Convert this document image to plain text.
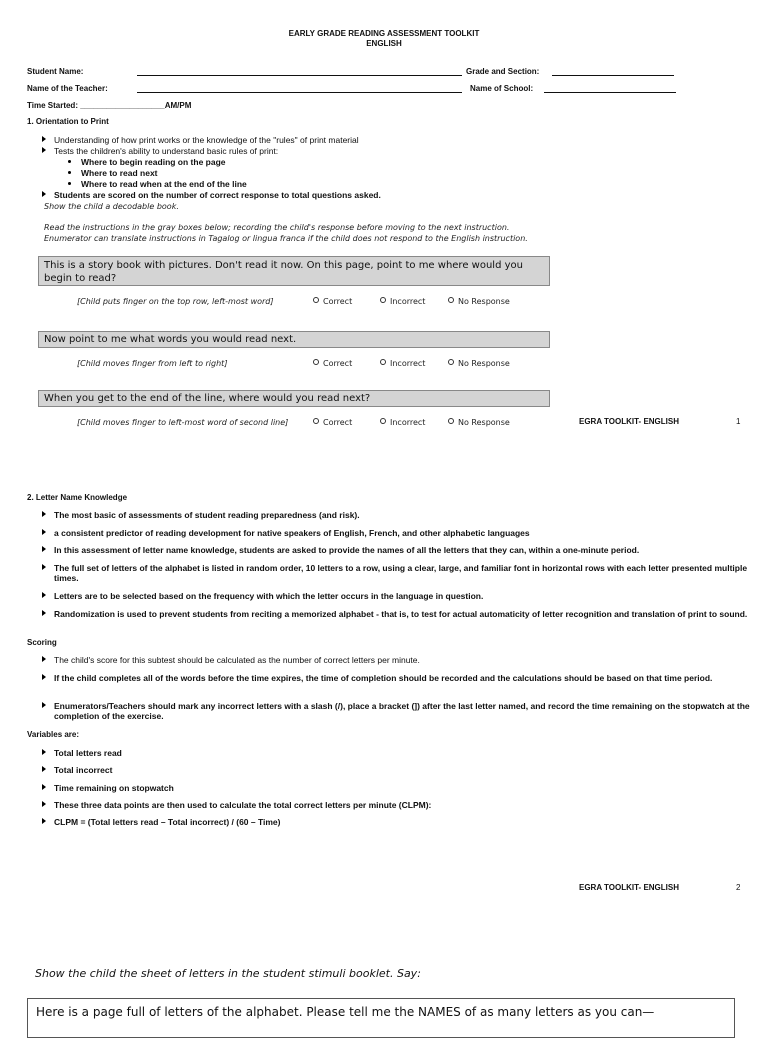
EARLY GRADE READING ASSESSMENT TOOLKIT
ENGLISH
Student Name:	Grade and Section:
Name of the Teacher:	Name of School:
Time Started: ___________________AM/PM
1. Orientation to Print
Understanding of how print works or the knowledge of the "rules" of print material
Tests the children's ability to understand basic rules of print:
Where to begin reading on the page
Where to read next
Where to read when at the end of the line
Students are scored on the number of correct response to total questions asked.
Show the child a decodable book.
Read the instructions in the gray boxes below; recording the child's response before moving to the next instruction.
Enumerator can translate instructions in Tagalog or lingua franca if the child does not respond to the English instruction.
This is a story book with pictures. Don't read it now. On this page, point to me where would you begin to read?
[Child puts finger on the top row, left-most word]	Correct	Incorrect	No Response
Now point to me what words you would read next.
[Child moves finger from left to right]	Correct	Incorrect	No Response
When you get to the end of the line, where would you read next?
[Child moves finger to left-most word of second line]	Correct	Incorrect	No Response	EGRA TOOLKIT- ENGLISH	1
2. Letter Name Knowledge
The most basic of assessments of student reading preparedness (and risk).
a consistent predictor of reading development for native speakers of English, French, and other alphabetic languages
In this assessment of letter name knowledge, students are asked to provide the names of all the letters that they can, within a one-minute period.
The full set of letters of the alphabet is listed in random order, 10 letters to a row, using a clear, large, and familiar font in horizontal rows with each letter presented multiple times.
Letters are to be selected based on the frequency with which the letter occurs in the language in question.
Randomization is used to prevent students from reciting a memorized alphabet - that is, to test for actual automaticity of letter recognition and translation of print to sound.
Scoring
The child's score for this subtest should be calculated as the number of correct letters per minute.
If the child completes all of the words before the time expires, the time of completion should be recorded and the calculations should be based on that time period.
Enumerators/Teachers should mark any incorrect letters with a slash (/), place a bracket (]) after the last letter named, and record the time remaining on the stopwatch at the completion of the exercise.
Variables are:
Total letters read
Total incorrect
Time remaining on stopwatch
These three data points are then used to calculate the total correct letters per minute (CLPM):
CLPM = (Total letters read – Total incorrect) / (60 – Time)
EGRA TOOLKIT- ENGLISH	2
Show the child the sheet of letters in the student stimuli booklet. Say:
Here is a page full of letters of the alphabet. Please tell me the NAMES of as many letters as you can—
